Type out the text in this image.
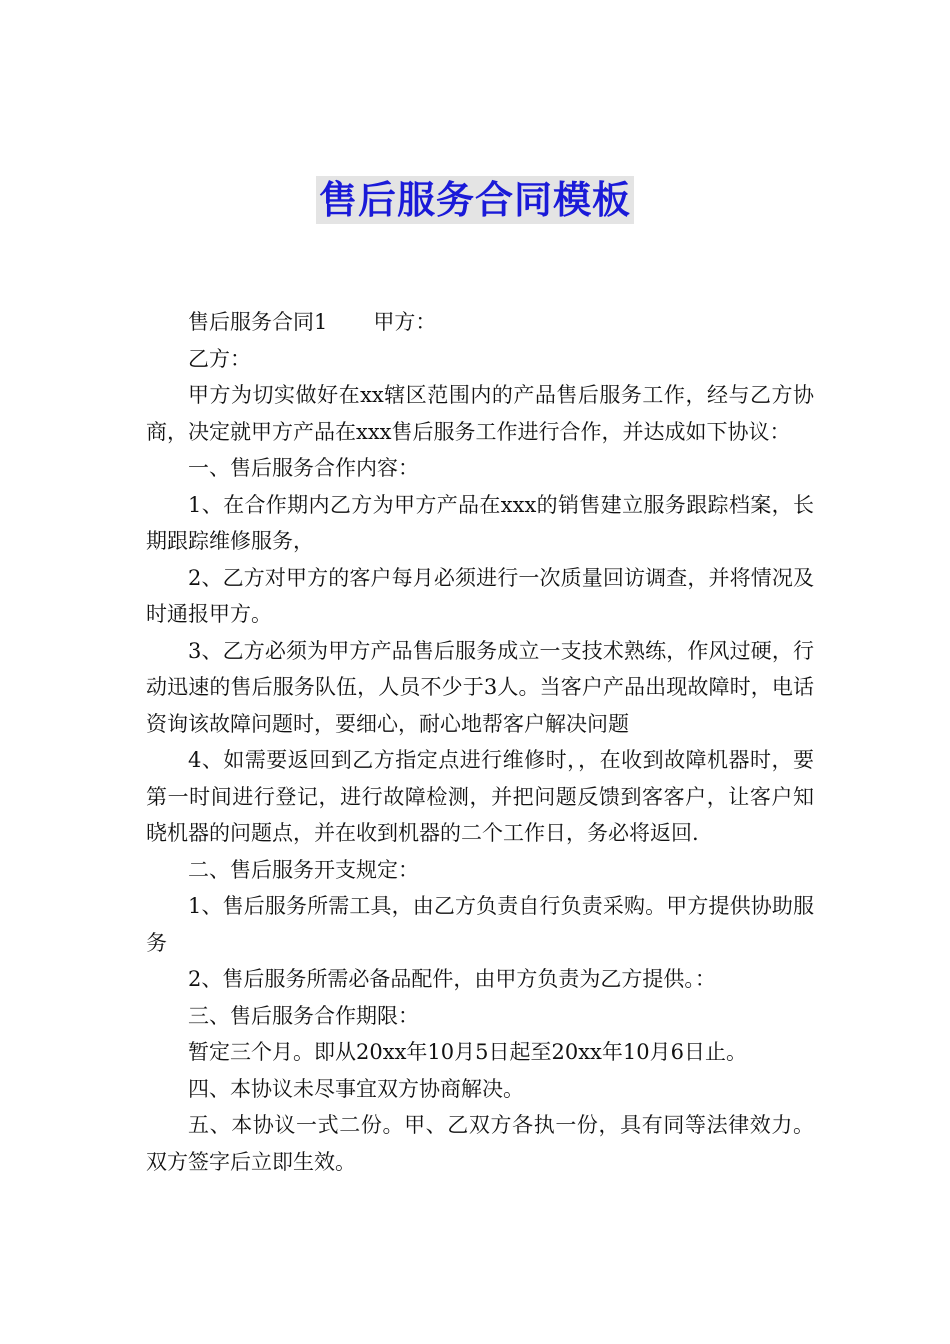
售后服务合同模板

售后服务合同1 甲方：

乙方：

甲方为切实做好在xx辖区范围内的产品售后服务工作，经与乙方协商，决定就甲方产品在xxx售后服务工作进行合作，并达成如下协议：

一、售后服务合作内容：

1、在合作期内乙方为甲方产品在xxx的销售建立服务跟踪档案，长期跟踪维修服务，

2、乙方对甲方的客户每月必须进行一次质量回访调查，并将情况及时通报甲方。

3、乙方必须为甲方产品售后服务成立一支技术熟练，作风过硬，行动迅速的售后服务队伍，人员不少于3人。当客户产品出现故障时，电话资询该故障问题时，要细心，耐心地帮客户解决问题

4、如需要返回到乙方指定点进行维修时，，在收到故障机器时，要第一时间进行登记，进行故障检测，并把问题反馈到客客户，让客户知晓机器的问题点，并在收到机器的二个工作日，务必将返回.

二、售后服务开支规定：

1、售后服务所需工具，由乙方负责自行负责采购。甲方提供协助服务

2、售后服务所需必备品配件，由甲方负责为乙方提供。：

三、售后服务合作期限：

暂定三个月。即从20xx年10月5日起至20xx年10月6日止。

四、本协议未尽事宜双方协商解决。

五、本协议一式二份。甲、乙双方各执一份，具有同等法律效力。双方签字后立即生效。
